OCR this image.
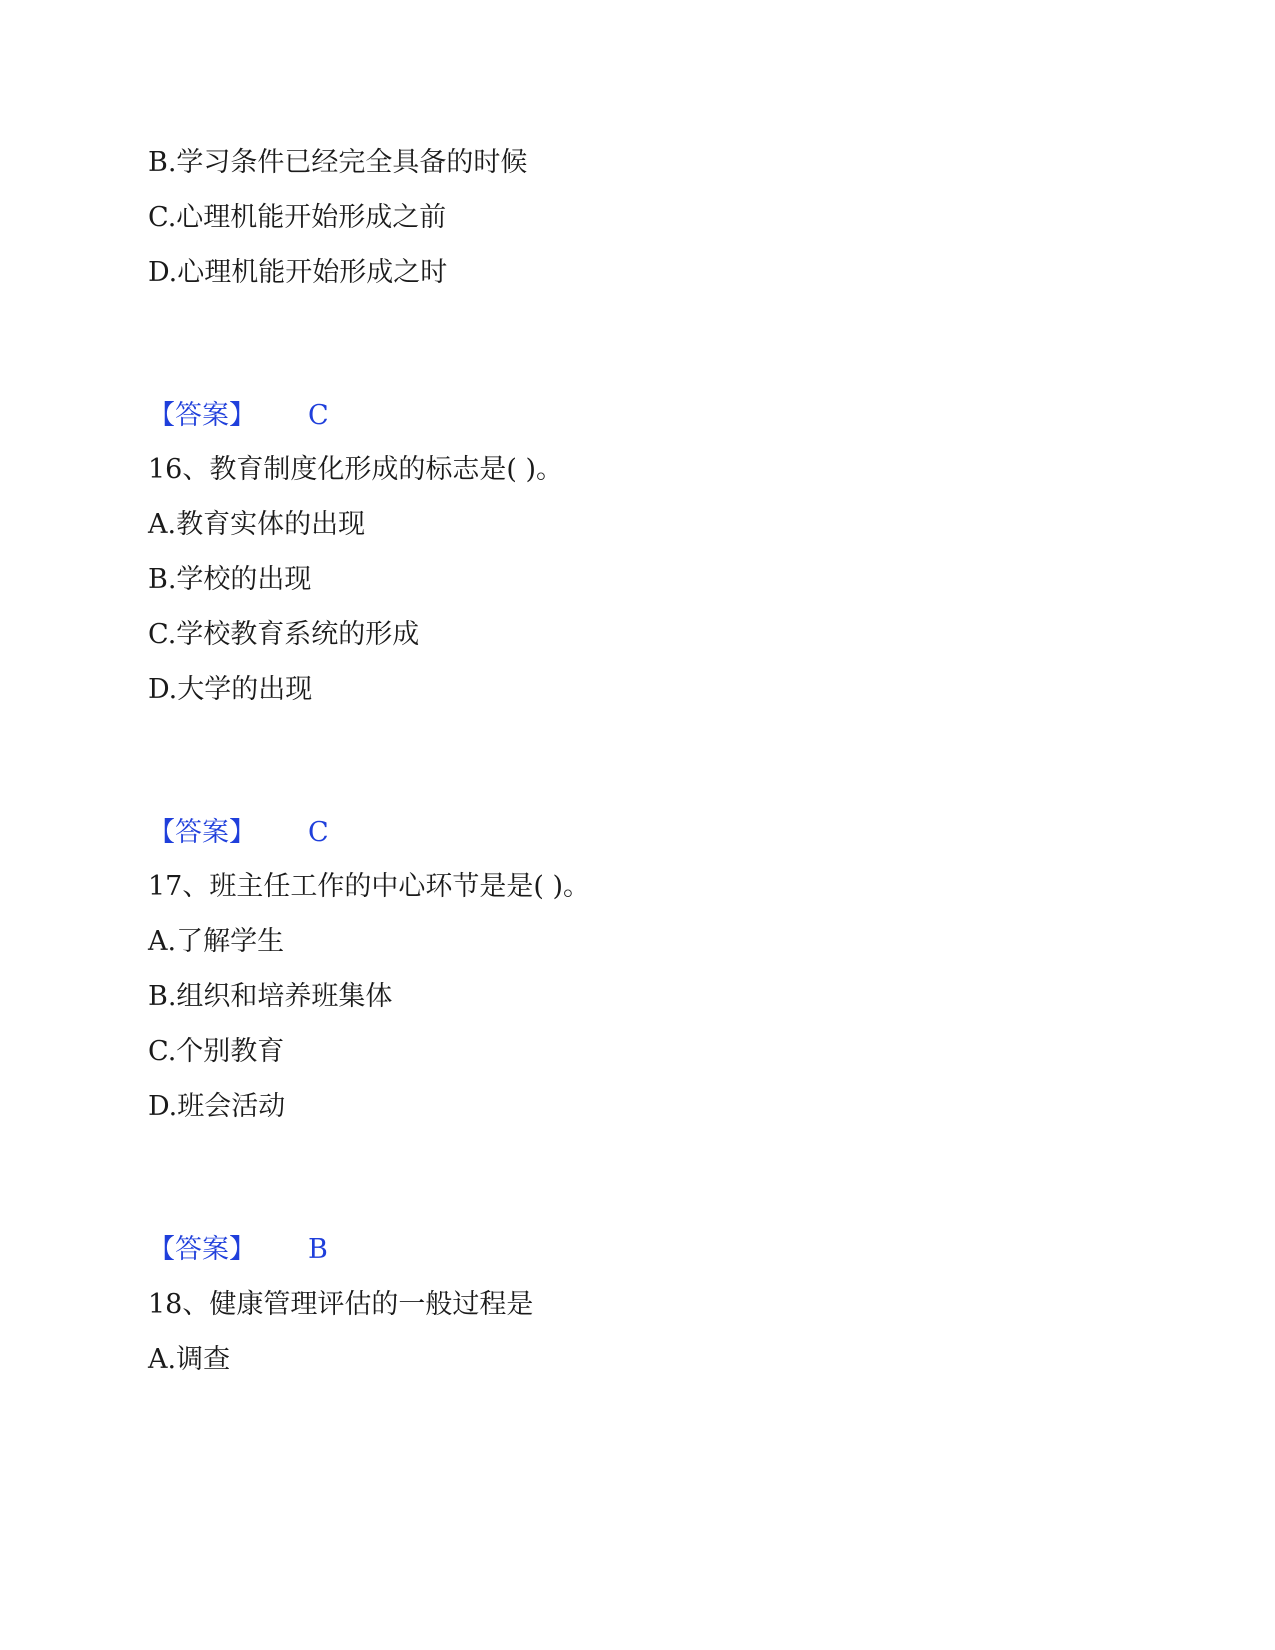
B.学习条件已经完全具备的时候
C.心理机能开始形成之前
D.心理机能开始形成之时
【答案】 C
16、教育制度化形成的标志是( )。
A.教育实体的出现
B.学校的出现
C.学校教育系统的形成
D.大学的出现
【答案】 C
17、班主任工作的中心环节是是( )。
A.了解学生
B.组织和培养班集体
C.个别教育
D.班会活动
【答案】 B
18、健康管理评估的一般过程是
A.调查
